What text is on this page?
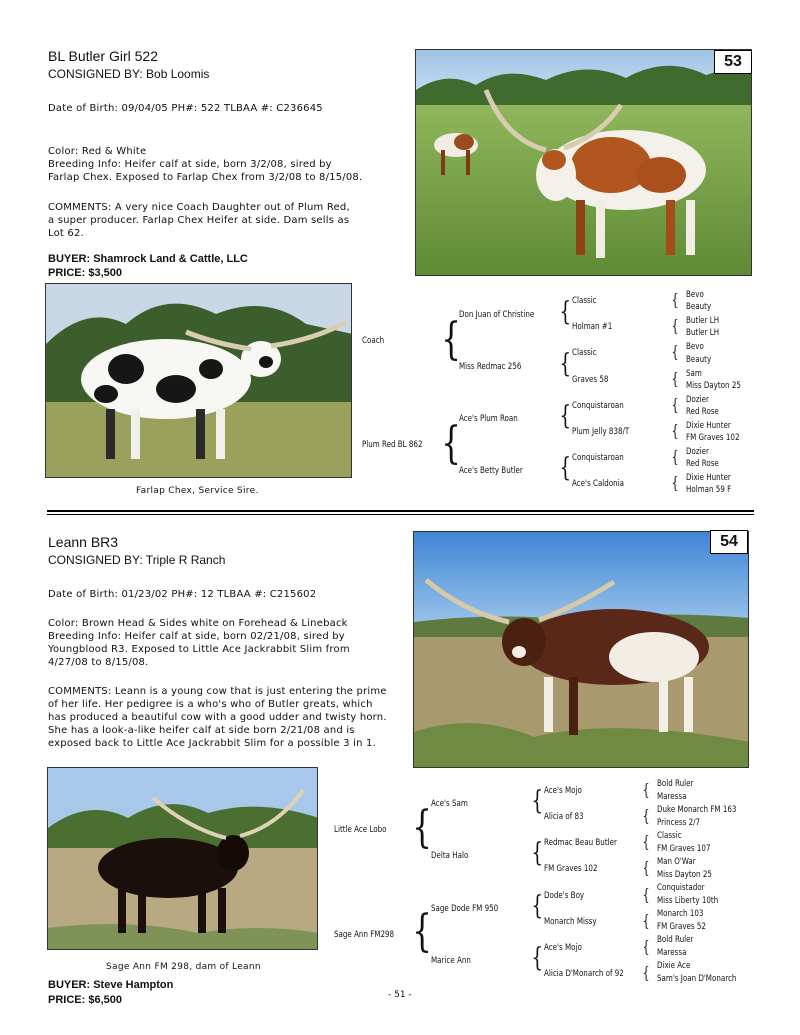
BL Butler Girl 522
CONSIGNED BY: Bob Loomis
Date of Birth: 09/04/05 PH#: 522 TLBAA #: C236645
Color: Red & White
Breeding Info: Heifer calf at side, born 3/2/08, sired by
Farlap Chex. Exposed to Farlap Chex from 3/2/08 to 8/15/08.
COMMENTS: A very nice Coach Daughter out of Plum Red,
a super producer. Farlap Chex Heifer at side. Dam sells as
Lot 62.
BUYER: Shamrock Land & Cattle, LLC
PRICE: $3,500
53
Farlap Chex, Service Sire.
Coach
Plum Red BL 862
{
{
Don Juan of Christine
Miss Redmac 256
Ace's Plum Roan
Ace's Betty Butler
{
{
{
{
Classic
Holman #1
Classic
Graves 58
Conquistaroan
Plum Jelly 838/T
Conquistaroan
Ace's Caldonia
{
{
{
{
{
{
{
{
Bevo
Beauty
Butler LH
Butler LH
Bevo
Beauty
Sam
Miss Dayton 25
Dozier
Red Rose
Dixie Hunter
FM Graves 102
Dozier
Red Rose
Dixie Hunter
Holman 59 F
Leann BR3
CONSIGNED BY: Triple R Ranch
Date of Birth: 01/23/02 PH#: 12 TLBAA #: C215602
Color: Brown Head & Sides white on Forehead & Lineback
Breeding Info: Heifer calf at side, born 02/21/08, sired by
Youngblood R3. Exposed to Little Ace Jackrabbit Slim from
4/27/08 to 8/15/08.
COMMENTS: Leann is a young cow that is just entering the prime
of her life. Her pedigree is a who's who of Butler greats, which
has produced a beautiful cow with a good udder and twisty horn.
She has a look-a-like heifer calf at side born 2/21/08 and is
exposed back to Little Ace Jackrabbit Slim for a possible 3 in 1.
54
Sage Ann FM 298, dam of Leann
BUYER: Steve Hampton
PRICE: $6,500
Little Ace Lobo
Sage Ann FM298
{
{
Ace's Sam
Delta Halo
Sage Dode FM 950
Marice Ann
{
{
{
{
Ace's Mojo
Alicia of 83
Redmac Beau Butler
FM Graves 102
Dode's Boy
Monarch Missy
Ace's Mojo
Alicia D'Monarch of 92
{
{
{
{
{
{
{
{
Bold Ruler
Maressa
Duke Monarch FM 163
Princess 2/7
Classic
FM Graves 107
Man O'War
Miss Dayton 25
Conquistador
Miss Liberty 10th
Monarch 103
FM Graves 52
Bold Ruler
Maressa
Dixie Ace
Sam's Joan D'Monarch
- 51 -
